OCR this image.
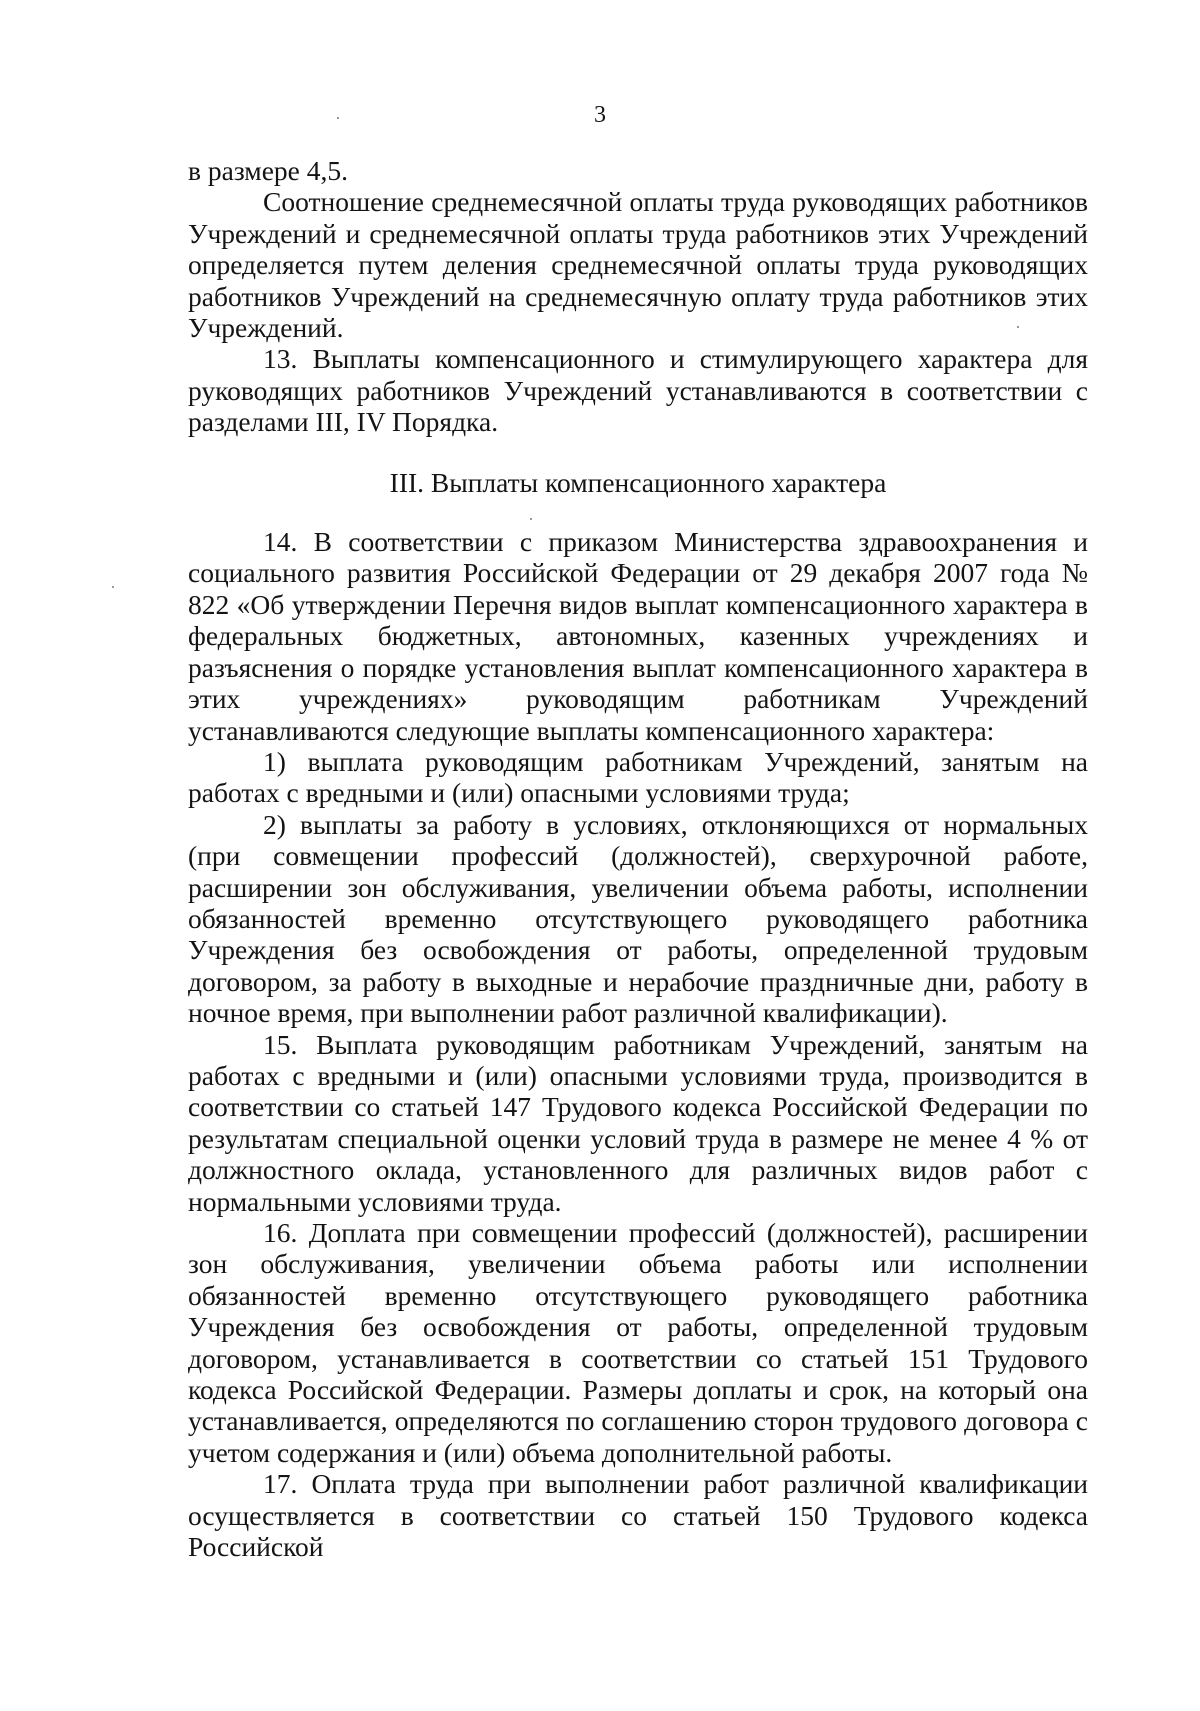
3

в размере 4,5.

Соотношение среднемесячной оплаты труда руководящих работников Учреждений и среднемесячной оплаты труда работников этих Учреждений определяется путем деления среднемесячной оплаты труда руководящих работников Учреждений на среднемесячную оплату труда работников этих Учреждений.

13. Выплаты компенсационного и стимулирующего характера для руководящих работников Учреждений устанавливаются в соответствии с разделами III, IV Порядка.

III. Выплаты компенсационного характера

14. В соответствии с приказом Министерства здравоохранения и социального развития Российской Федерации от 29 декабря 2007 года № 822 «Об утверждении Перечня видов выплат компенсационного характера в федеральных бюджетных, автономных, казенных учреждениях и разъяснения о порядке установления выплат компенсационного характера в этих учреждениях» руководящим работникам Учреждений устанавливаются следующие выплаты компенсационного характера:

1) выплата руководящим работникам Учреждений, занятым на работах с вредными и (или) опасными условиями труда;

2) выплаты за работу в условиях, отклоняющихся от нормальных (при совмещении профессий (должностей), сверхурочной работе, расширении зон обслуживания, увеличении объема работы, исполнении обязанностей временно отсутствующего руководящего работника Учреждения без освобождения от работы, определенной трудовым договором, за работу в выходные и нерабочие праздничные дни, работу в ночное время, при выполнении работ различной квалификации).

15. Выплата руководящим работникам Учреждений, занятым на работах с вредными и (или) опасными условиями труда, производится в соответствии со статьей 147 Трудового кодекса Российской Федерации по результатам специальной оценки условий труда в размере не менее 4 % от должностного оклада, установленного для различных видов работ с нормальными условиями труда.

16. Доплата при совмещении профессий (должностей), расширении зон обслуживания, увеличении объема работы или исполнении обязанностей временно отсутствующего руководящего работника Учреждения без освобождения от работы, определенной трудовым договором, устанавливается в соответствии со статьей 151 Трудового кодекса Российской Федерации. Размеры доплаты и срок, на который она устанавливается, определяются по соглашению сторон трудового договора с учетом содержания и (или) объема дополнительной работы.

17. Оплата труда при выполнении работ различной квалификации осуществляется в соответствии со статьей 150 Трудового кодекса Российской
